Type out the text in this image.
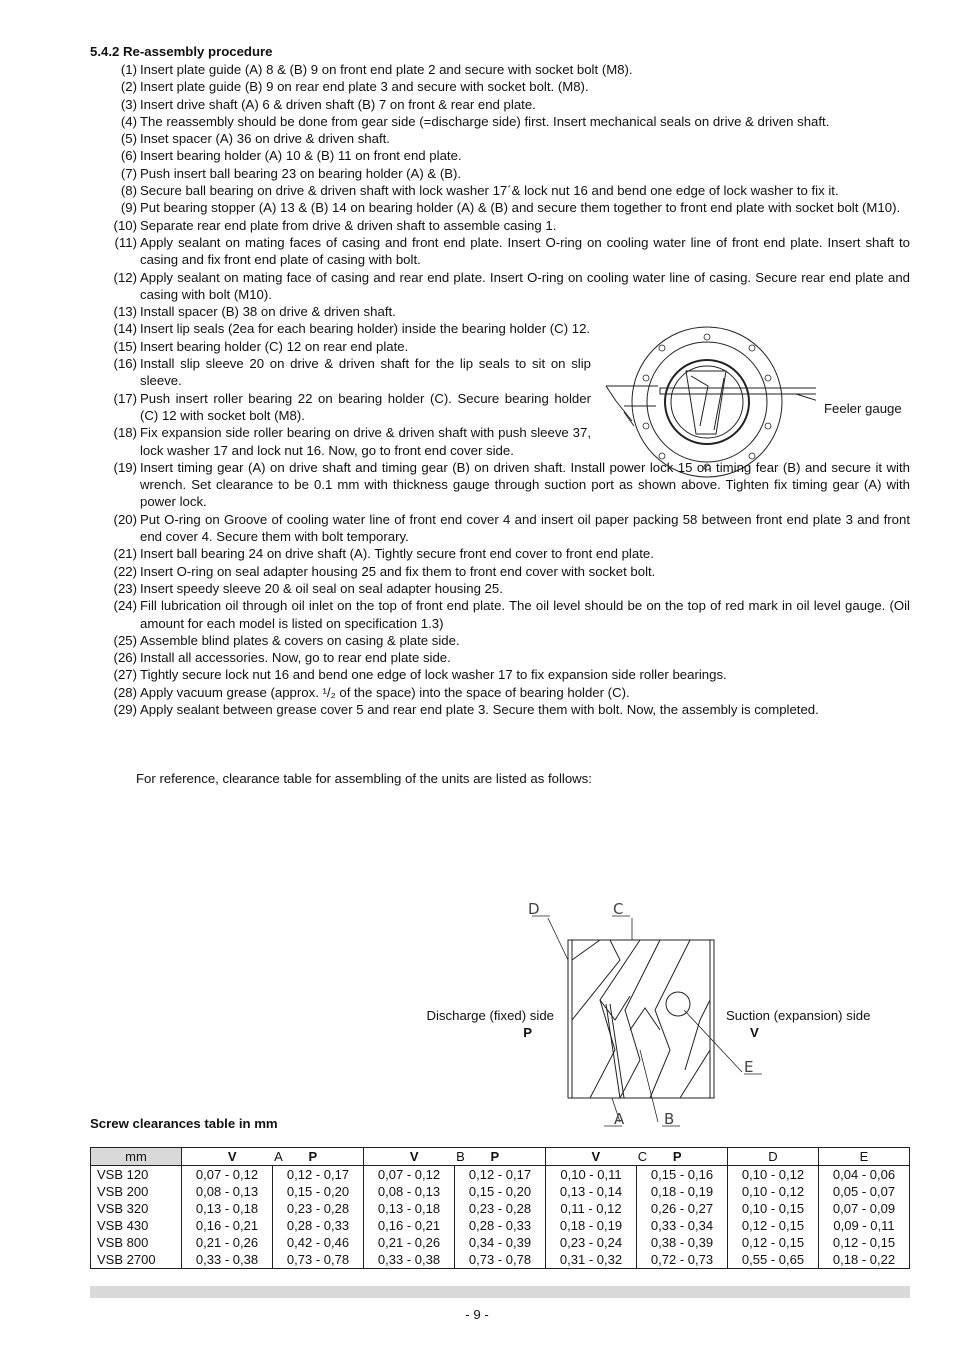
5.4.2 Re-assembly procedure
(1) Insert plate guide (A) 8 & (B) 9 on front end plate 2 and secure with socket bolt (M8).
(2) Insert plate guide (B) 9 on rear end plate 3 and secure with socket bolt. (M8).
(3) Insert drive shaft (A) 6 & driven shaft (B) 7 on front & rear end plate.
(4) The reassembly should be done from gear side (=discharge side) first. Insert mechanical seals on drive & driven shaft.
(5) Inset spacer (A) 36 on drive & driven shaft.
(6) Insert bearing holder (A) 10 & (B) 11 on front end plate.
(7) Push insert ball bearing 23 on bearing holder (A) & (B).
(8) Secure ball bearing on drive & driven shaft with lock washer 17´& lock nut 16 and bend one edge of lock washer to fix it.
(9) Put bearing stopper (A) 13 & (B) 14 on bearing holder (A) & (B) and secure them together to front end plate with socket bolt (M10).
(10) Separate rear end plate from drive & driven shaft to assemble casing 1.
(11) Apply sealant on mating faces of casing and front end plate. Insert O-ring on cooling water line of front end plate. Insert shaft to casing and fix front end plate of casing with bolt.
(12) Apply sealant on mating face of casing and rear end plate. Insert O-ring on cooling water line of casing. Secure rear end plate and casing with bolt (M10).
(13) Install spacer (B) 38 on drive & driven shaft.
(14) Insert lip seals (2ea for each bearing holder) inside the bearing holder (C) 12.
(15) Insert bearing holder (C) 12 on rear end plate.
(16) Install slip sleeve 20 on drive & driven shaft for the lip seals to sit on slip sleeve.
(17) Push insert roller bearing 22 on bearing holder (C). Secure bearing holder (C) 12 with socket bolt (M8).
(18) Fix expansion side roller bearing on drive & driven shaft with push sleeve 37, lock washer 17 and lock nut 16. Now, go to front end cover side.
(19) Insert timing gear (A) on drive shaft and timing gear (B) on driven shaft. Install power lock 15 on timing fear (B) and secure it with wrench. Set clearance to be 0.1 mm with thickness gauge through suction port as shown above. Tighten fix timing gear (A) with power lock.
(20) Put O-ring on Groove of cooling water line of front end cover 4 and insert oil paper packing 58 between front end plate 3 and front end cover 4. Secure them with bolt temporary.
(21) Insert ball bearing 24 on drive shaft (A). Tightly secure front end cover to front end plate.
(22) Insert O-ring on seal adapter housing 25 and fix them to front end cover with socket bolt.
(23) Insert speedy sleeve 20 & oil seal on seal adapter housing 25.
(24) Fill lubrication oil through oil inlet on the top of front end plate. The oil level should be on the top of red mark in oil level gauge. (Oil amount for each model is listed on specification 1.3)
(25) Assemble blind plates & covers on casing & plate side.
(26) Install all accessories. Now, go to rear end plate side.
(27) Tightly secure lock nut 16 and bend one edge of lock washer 17 to fix expansion side roller bearings.
(28) Apply vacuum grease (approx. ¹/₂ of the space) into the space of bearing holder (C).
(29) Apply sealant between grease cover 5 and rear end plate 3. Secure them with bolt. Now, the assembly is completed.
For reference, clearance table for assembling of the units are listed as follows:
Feeler gauge
D	C
E
A	B
Discharge (fixed) side
P
Suction (expansion) side
V
Screw clearances table in mm
mm	V A P		V B P		V C P		D	E
VSB 120	0,07 - 0,12	0,12 - 0,17	0,07 - 0,12	0,12 - 0,17	0,10 - 0,11	0,15 - 0,16	0,10 - 0,12	0,04 - 0,06
VSB 200	0,08 - 0,13	0,15 - 0,20	0,08 - 0,13	0,15 - 0,20	0,13 - 0,14	0,18 - 0,19	0,10 - 0,12	0,05 - 0,07
VSB 320	0,13 - 0,18	0,23 - 0,28	0,13 - 0,18	0,23 - 0,28	0,11 - 0,12	0,26 - 0,27	0,10 - 0,15	0,07 - 0,09
VSB 430	0,16 - 0,21	0,28 - 0,33	0,16 - 0,21	0,28 - 0,33	0,18 - 0,19	0,33 - 0,34	0,12 - 0,15	0,09 - 0,11
VSB 800	0,21 - 0,26	0,42 - 0,46	0,21 - 0,26	0,34 - 0,39	0,23 - 0,24	0,38 - 0,39	0,12 - 0,15	0,12 - 0,15
VSB 2700	0,33 - 0,38	0,73 - 0,78	0,33 - 0,38	0,73 - 0,78	0,31 - 0,32	0,72 - 0,73	0,55 - 0,65	0,18 - 0,22
- 9 -
